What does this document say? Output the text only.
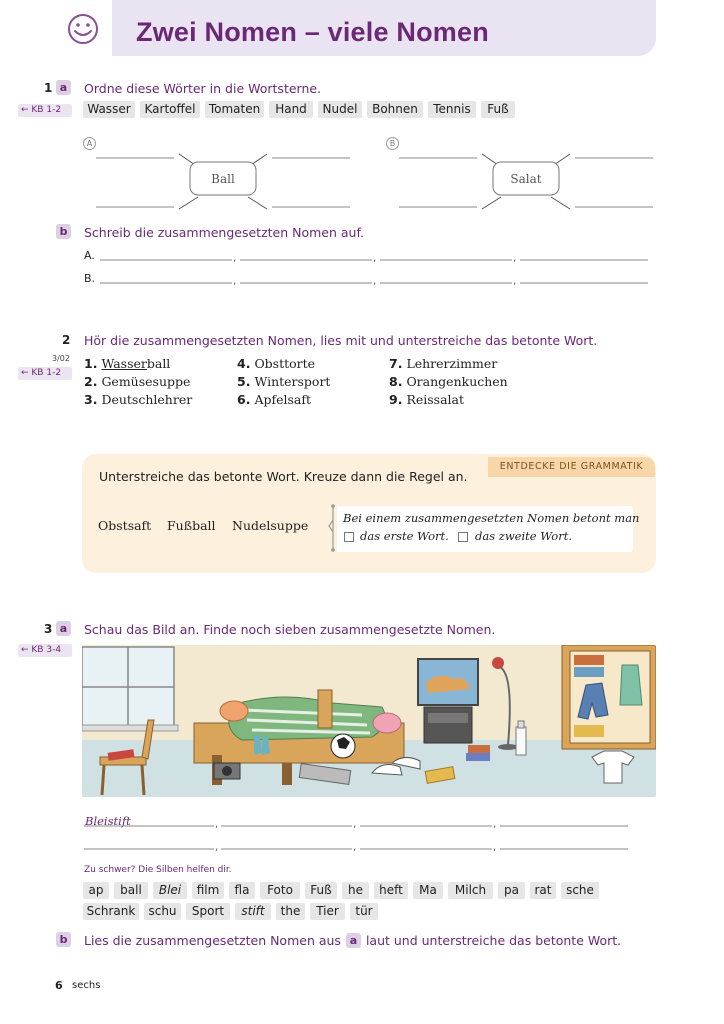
Zwei Nomen – viele Nomen
1 a	Ordne diese Wörter in die Wortsterne.
← KB 1-2	Wasser	Kartoffel	Tomaten	Hand	Nudel	Bohnen	Tennis	Fuß
A
Ball
B
Salat
b Schreib die zusammengesetzten Nomen auf.
A.
B.
,	,	,
,	,	,
2 Hör die zusammengesetzten Nomen, lies mit und unterstreiche das betonte Wort.
3/02
← KB 1-2
1. Wasserball
2. Gemüsesuppe
3. Deutschlehrer
4. Obsttorte
5. Wintersport
6. Apfelsaft
7. Lehrerzimmer
8. Orangenkuchen
9. Reissalat
ENTDECKE DIE GRAMMATIK
Unterstreiche das betonte Wort. Kreuze dann die Regel an.
Obstsaft Fußball Nudelsuppe	Bei einem zusammengesetzten Nomen betont man
das erste Wort. das zweite Wort.
3 a	Schau das Bild an. Finde noch sieben zusammengesetzte Nomen.
← KB 3-4
Bleistift	,	,	,
,	,	,
Zu schwer? Die Silben helfen dir.
ap	ball	Blei	film	fla	Foto	Fuß	he	heft	Ma	Milch	pa	rat	sche
Schrank	schu	Sport	stift	the	Tier	tür
b Lies die zusammengesetzten Nomen aus a laut und unterstreiche das betonte Wort.
6 sechs
